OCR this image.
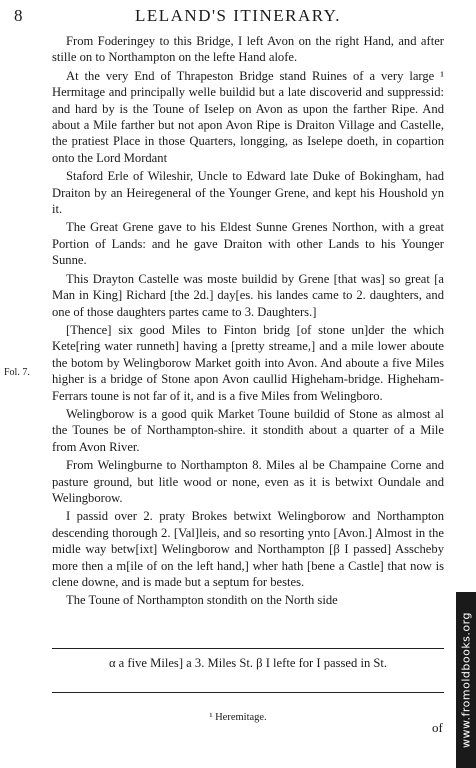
8	LELAND'S ITINERARY.
Fol. 7.

From Foderingey to this Bridge, I left Avon on the right Hand, and after stille on to Northampton on the lefte Hand alofe.

At the very End of Thrapeston Bridge stand Ruines of a very large ¹ Hermitage and principally welle buildid but a late discoverid and suppressid: and hard by is the Toune of Iselep on Avon as upon the farther Ripe. And about a Mile farther but not apon Avon Ripe is Draiton Village and Castelle, the pratiest Place in those Quarters, longging, as Iselepe doeth, in copartion onto the Lord Mordant

Staford Erle of Wileshir, Uncle to Edward late Duke of Bokingham, had Draiton by an Heiregeneral of the Younger Grene, and kept his Houshold yn it.

The Great Grene gave to his Eldest Sunne Grenes Northon, with a great Portion of Lands: and he gave Draiton with other Lands to his Younger Sunne.

This Drayton Castelle was moste buildid by Grene [that was] so great [a Man in King] Richard [the 2d.] day[es. his landes came to 2. daughters, and one of those daughters partes came to 3. Daughters.]

[Thence] six good Miles to Finton bridg [of stone un]der the which Kete[ring water runneth] having a [pretty streame,] and a mile lower aboute the botom by Welingborow Market goith into Avon. And aboute a five Miles higher is a bridge of Stone apon Avon caullid Higheham-bridge. Higheham-Ferrars toune is not far of it, and is a five Miles from Welingboro.

Welingborow is a good quik Market Toune buildid of Stone as almost al the Tounes be of Northampton-shire. it stondith about a quarter of a Mile from Avon River.

From Welingburne to Northampton 8. Miles al be Champaine Corne and pasture ground, but litle wood or none, even as it is betwixt Oundale and Welingborow.

I passid over 2. praty Brokes betwixt Welingborow and Northampton descending thorough 2. [Val]leis, and so resorting ynto [Avon.] Almost in the midle way betw[ixt] Welingborow and Northampton [β I passed] Asscheby more then a m[ile of on the left hand,] wher hath [bene a Castle] that now is clene downe, and is made but a septum for bestes.

The Toune of Northampton stondith on the North side

α a five Miles] a 3. Miles St. β I lefte for I passed in St.
¹ Heremitage.
of www.fromoldbooks.org
